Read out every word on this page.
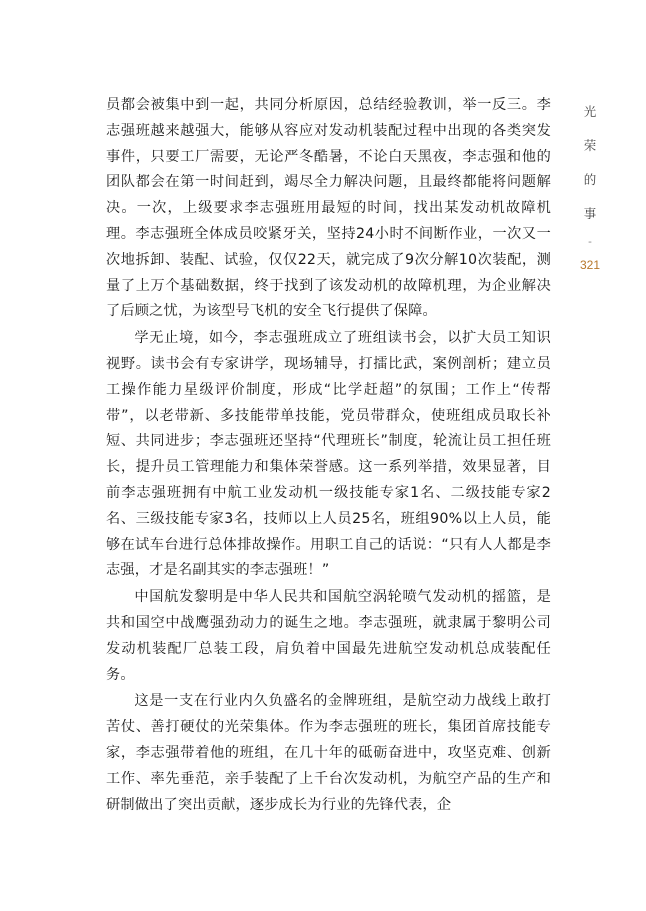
员都会被集中到一起，共同分析原因，总结经验教训，举一反三。李志强班越来越强大，能够从容应对发动机装配过程中出现的各类突发事件，只要工厂需要，无论严冬酷暑，不论白天黑夜，李志强和他的团队都会在第一时间赶到，竭尽全力解决问题，且最终都能将问题解决。一次，上级要求李志强班用最短的时间，找出某发动机故障机理。李志强班全体成员咬紧牙关，坚持24小时不间断作业，一次又一次地拆卸、装配、试验，仅仅22天，就完成了9次分解10次装配，测量了上万个基础数据，终于找到了该发动机的故障机理，为企业解决了后顾之忧，为该型号飞机的安全飞行提供了保障。

学无止境，如今，李志强班成立了班组读书会，以扩大员工知识视野。读书会有专家讲学，现场辅导，打擂比武，案例剖析；建立员工操作能力星级评价制度，形成“比学赶超”的氛围；工作上“传帮带”，以老带新、多技能带单技能，党员带群众，使班组成员取长补短、共同进步；李志强班还坚持“代理班长”制度，轮流让员工担任班长，提升员工管理能力和集体荣誉感。这一系列举措，效果显著，目前李志强班拥有中航工业发动机一级技能专家1名、二级技能专家2名、三级技能专家3名，技师以上人员25名，班组90%以上人员，能够在试车台进行总体排故操作。用职工自己的话说：“只有人人都是李志强，才是名副其实的李志强班！”

中国航发黎明是中华人民共和国航空涡轮喷气发动机的摇篮，是共和国空中战鹰强劲动力的诞生之地。李志强班，就隶属于黎明公司发动机装配厂总装工段，肩负着中国最先进航空发动机总成装配任务。

这是一支在行业内久负盛名的金牌班组，是航空动力战线上敢打苦仗、善打硬仗的光荣集体。作为李志强班的班长，集团首席技能专家，李志强带着他的班组，在几十年的砥砺奋进中，攻坚克难、创新工作、率先垂范，亲手装配了上千台次发动机，为航空产品的生产和研制做出了突出贡献，逐步成长为行业的先锋代表，企

光
荣
的
事
-
321
